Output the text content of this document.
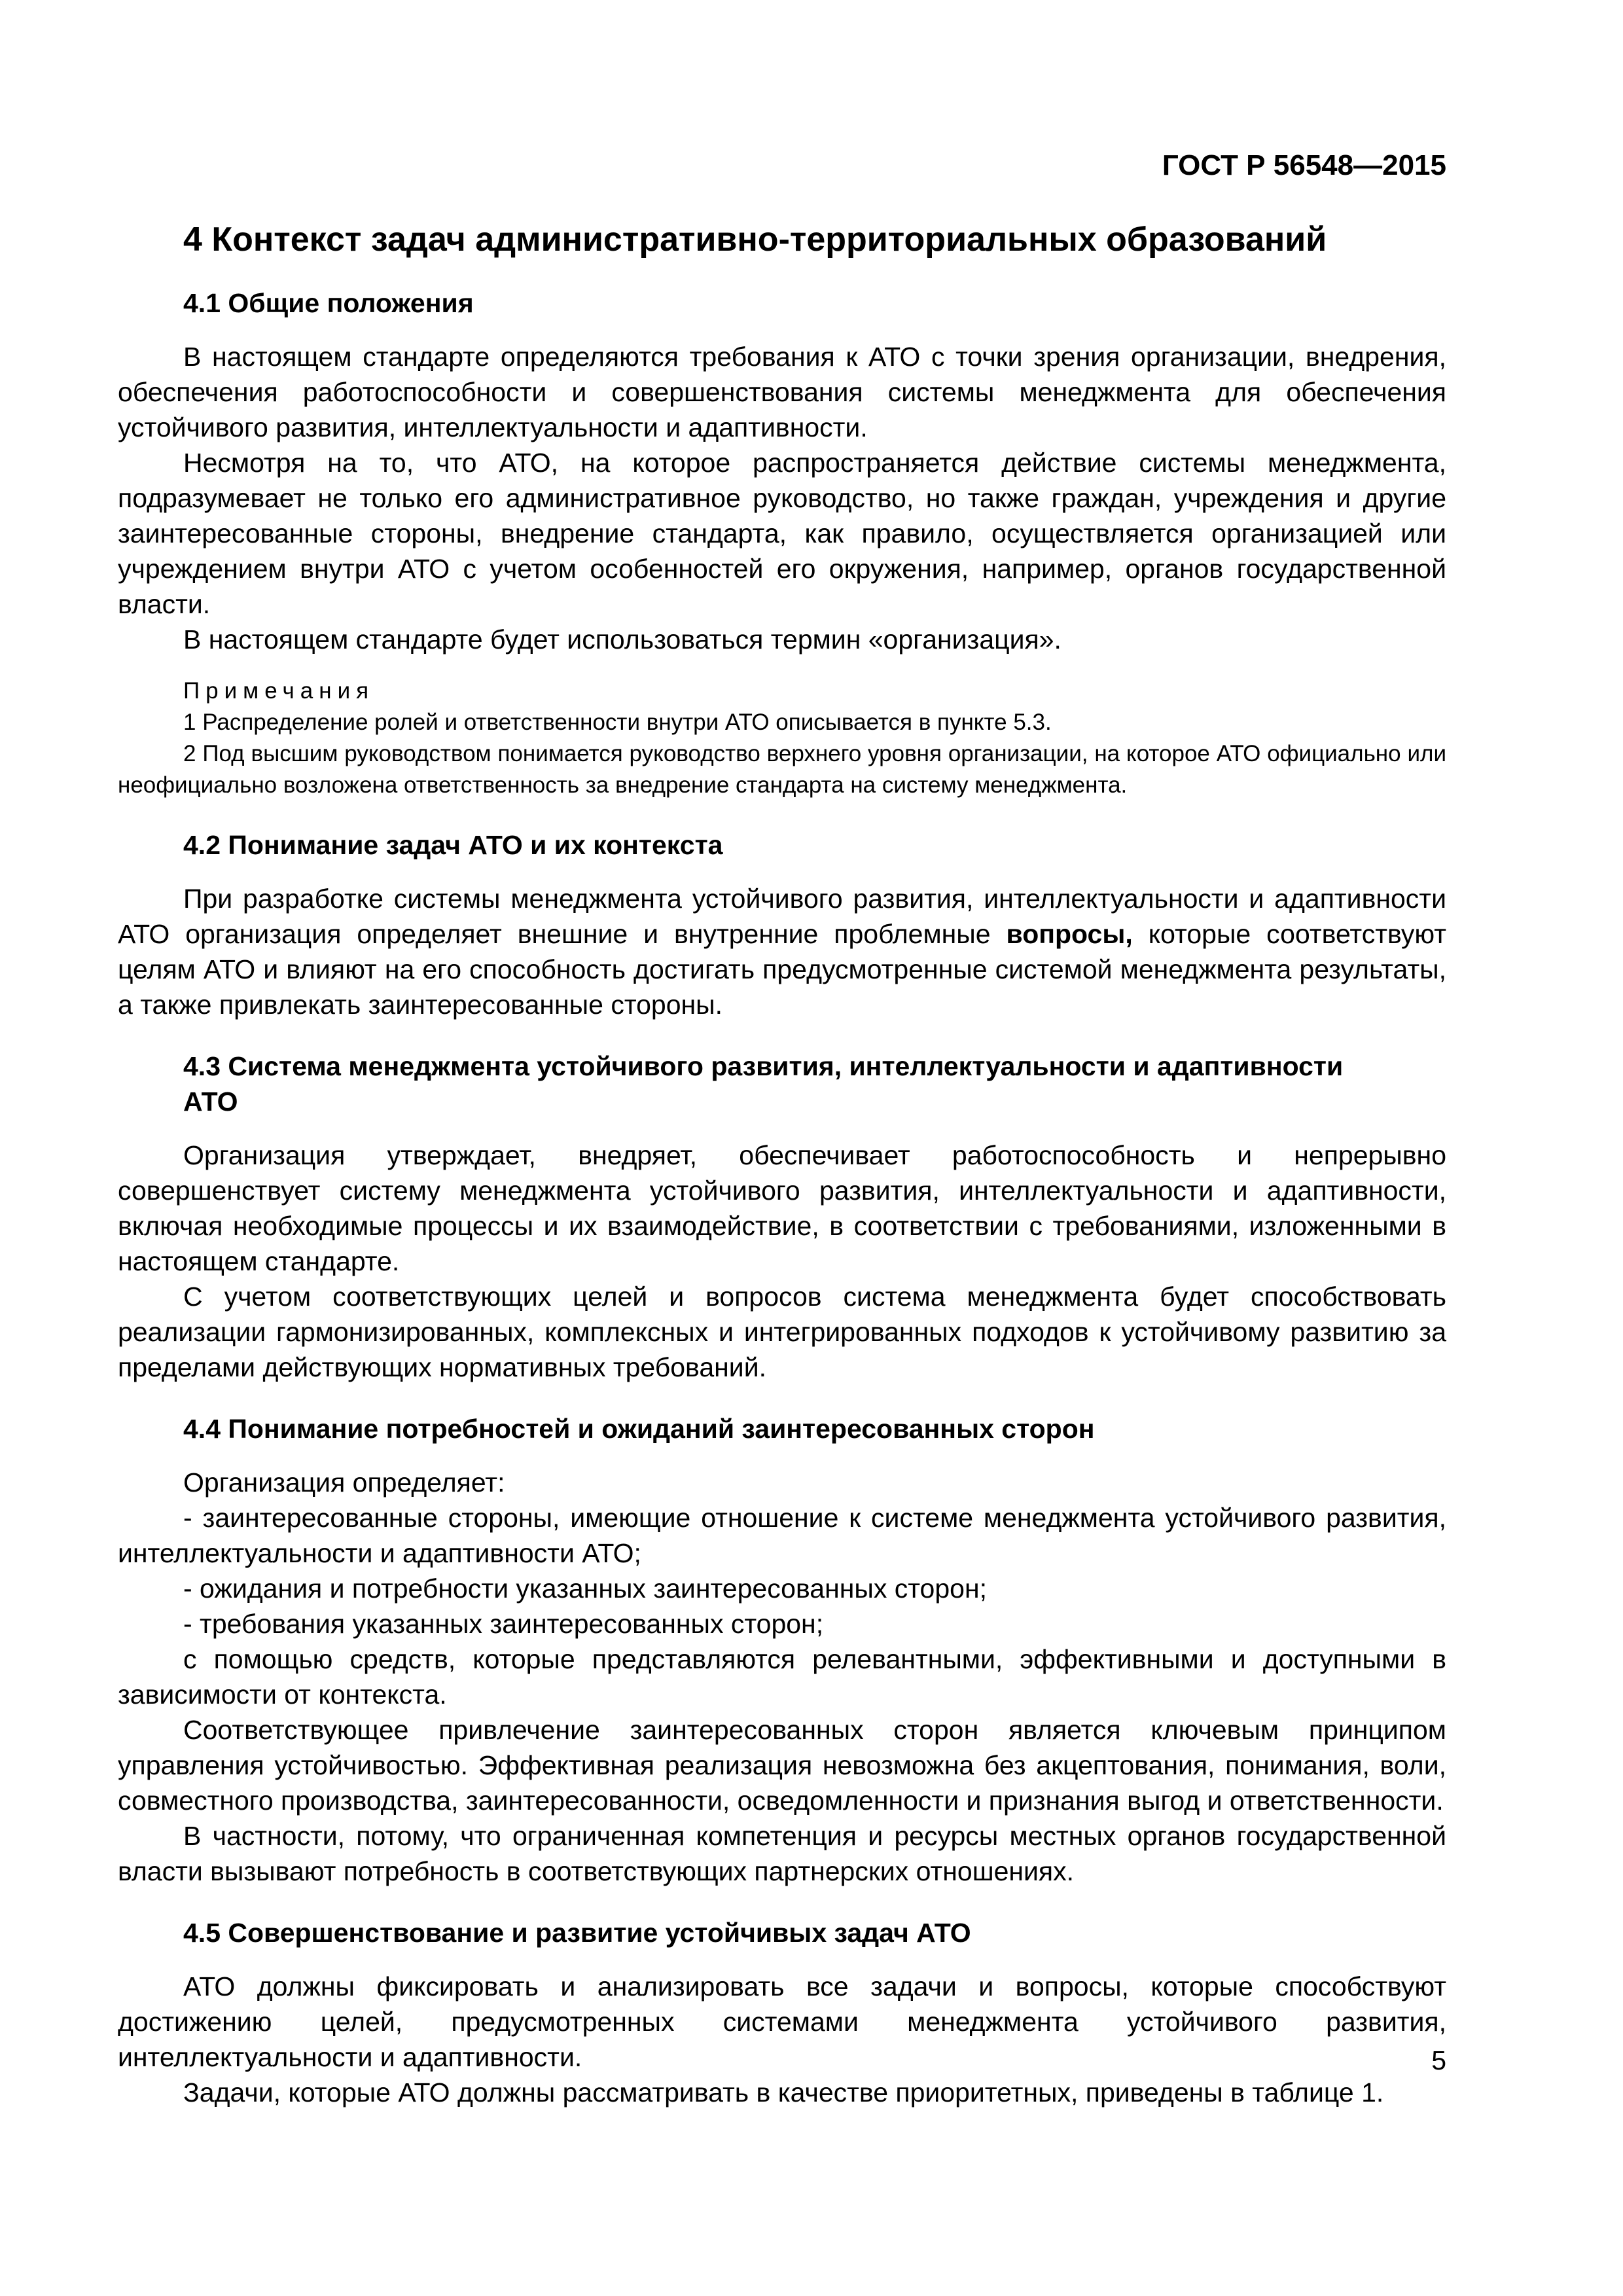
ГОСТ Р 56548—2015
4 Контекст задач административно-территориальных образований
4.1 Общие положения

В настоящем стандарте определяются требования к АТО с точки зрения организации, внедрения, обеспечения работоспособности и совершенствования системы менеджмента для обеспечения устойчивого развития, интеллектуальности и адаптивности.

Несмотря на то, что АТО, на которое распространяется действие системы менеджмента, подразумевает не только его административное руководство, но также граждан, учреждения и другие заинтересованные стороны, внедрение стандарта, как правило, осуществляется организацией или учреждением внутри АТО с учетом особенностей его окружения, например, органов государственной власти.

В настоящем стандарте будет использоваться термин «организация».

Примечания

1 Распределение ролей и ответственности внутри АТО описывается в пункте 5.3.

2 Под высшим руководством понимается руководство верхнего уровня организации, на которое АТО официально или неофициально возложена ответственность за внедрение стандарта на систему менеджмента.

4.2 Понимание задач АТО и их контекста

При разработке системы менеджмента устойчивого развития, интеллектуальности и адаптивности АТО организация определяет внешние и внутренние проблемные вопросы, которые соответствуют целям АТО и влияют на его способность достигать предусмотренные системой менеджмента результаты, а также привлекать заинтересованные стороны.

4.3 Система менеджмента устойчивого развития, интеллектуальности и адаптивности
АТО

Организация утверждает, внедряет, обеспечивает работоспособность и непрерывно совершенствует систему менеджмента устойчивого развития, интеллектуальности и адаптивности, включая необходимые процессы и их взаимодействие, в соответствии с требованиями, изложенными в настоящем стандарте.

С учетом соответствующих целей и вопросов система менеджмента будет способствовать реализации гармонизированных, комплексных и интегрированных подходов к устойчивому развитию за пределами действующих нормативных требований.

4.4 Понимание потребностей и ожиданий заинтересованных сторон

Организация определяет:

- заинтересованные стороны, имеющие отношение к системе менеджмента устойчивого развития, интеллектуальности и адаптивности АТО;
- ожидания и потребности указанных заинтересованных сторон;
- требования указанных заинтересованных сторон;

с помощью средств, которые представляются релевантными, эффективными и доступными в зависимости от контекста.

Соответствующее привлечение заинтересованных сторон является ключевым принципом управления устойчивостью. Эффективная реализация невозможна без акцептования, понимания, воли, совместного производства, заинтересованности, осведомленности и признания выгод и ответственности.

В частности, потому, что ограниченная компетенция и ресурсы местных органов государственной власти вызывают потребность в соответствующих партнерских отношениях.

4.5 Совершенствование и развитие устойчивых задач АТО

АТО должны фиксировать и анализировать все задачи и вопросы, которые способствуют достижению целей, предусмотренных системами менеджмента устойчивого развития, интеллектуальности и адаптивности.

Задачи, которые АТО должны рассматривать в качестве приоритетных, приведены в таблице 1.

5
